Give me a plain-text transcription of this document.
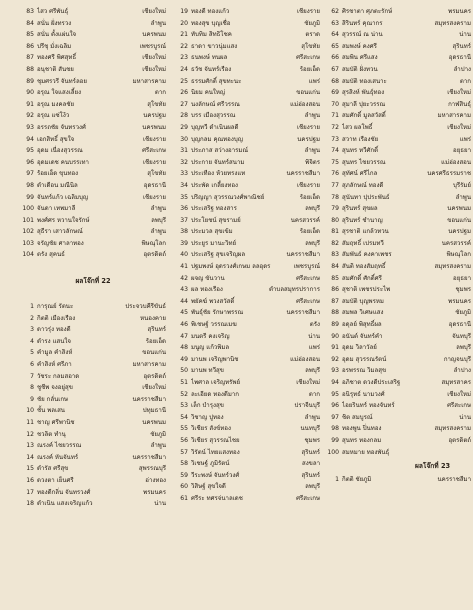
83 ไสว ศรีพันธุ์	เชียงใหม่
84 สนั่น ฝั่งทรวง	ลำพูน
85 สนั่น ตั้งแผ่นใจ	นครพนม
86 ปรีชุ มั่งเฉลิม	เพชรบูรณ์
87 ทองศรี พิศสุทธิ์	เชียงใหม่
88 อนุชาติ สันชย	เชียงใหม่
89 ชุมศรวรี จันทร์ลอย	มหาสารคาม
90 อรุณ ใจแสงเลี้ยง	ตาก
91 อรุณ มงคลชัย	สุโขทัย
92 อรุณ แซ่โง้ว	นครปฐม
93 อรรถชัย จันทรวงศ์	นครพนม
94 เอกสิทธิ์ สุขใจ	เชียงราย
95 อุดม เนื่องสุวรรณ	ศรีสะเกษ
96 อุดมเดช คนบรรเทา	เชียงราย
97 ร้อยเอ็ด ขุนทอง	สุโขทัย
98 ดำเดือน มณีนิล	อุดรธานี
99 จันทร์แก้ว เฉลิมบุญ	เชียงราย
100 จันดา เทพมาลี	ลำพูน
101 พงศ์ศร หวานใจรักษ์	ลพบุรี
102 สุธีรา เสาวลักษณ์	ลำพูน
103 จรัญชัย ศาลาทอง	พิษณุโลก
104 ตรัง สุคนธ์	อุตรดิตถ์
ผลโจ๊กที่ 22
1 การุณย์ รัตนะ	ประจวบคีรีขันธ์
2 กิตติ เมืองเรือง	หนองคาย
3 ดาวรุ่ง ทองดี	สุรินทร์
4 ดำรง แสนใจ	ร้อยเอ็ด
5 คำมูล คำสิงห์	ขอนแก่น
6 คำสิงห์ ศรีภา	มหาสารคาม
7 วัชระ กลมสอาด	อุตรดิตถ์
8 ชูชีพ จงอยู่สุข	เชียงใหม่
9 ชัย กลั่นเกษ	นครราชสีมา
10 ชั้น พลเสน	ปทุมธานี
11 ชาญ ศรีพานิช	นครพนม
12 ชวลิต ทำนุ	ชัยภูมิ
13 ณรงค์ ไชยวรรณ	ลำพูน
14 ณรงค์ หันจันทร์	นครราชสีมา
15 ดำรัส ศรีสุข	สุพรรณบุรี
16 ดวงตา เย็นศรี	อ่างทอง
17 ทองดีกลิ่น จันทรวงศ์	พรมนคร
18 ดำเนิน แสงเจริญแก้ว	น่าน
19 ทองดี ทองแก้ว	เชียงราย
20 ทองสุข บุญเชื่อ	ชัยภูมิ
21 ทับทิม สิทธิโชค	ตราด
22 ธาดา ขาวนุ่มแสง	สุโขทัย
23 ธนพงษ์ ทนผล	ศรีสะเกษ
24 ธวัช จันทร์เรือง	ร้อยเอ็ด
25 ธรรมศักดิ์ สุขทะนะ	แพร่
26 นิยม คนใหญ่	ขอนแก่น
27 นงลักษณ์ ศรีวรรณ	แม่ฮ่องสอน
28 บรร เมืองสุวรรณ	ลำพูน
29 บุญทวี ดำเนินผลดี	เชียงราย
30 บุญกลม คุณทองบุญ	นครปฐม
31 ประภาส สว่างอารมณ์	ลำพูน
32 ประกาย จันทร์สนาม	พิจิตร
33 ประเทือง ห้วยทรงแท	นครราชสีมา
34 ประพัด เกลี้ยงทอง	เชียงราย
35 ปริญญา สุวรรณวงศ์พาณิชย์	ร้อยเอ็ด
36 ประเสริฐ ทองสาร	ลพบุรี
37 ประโยชน์ สุขรามย์	นครสวรรค์
38 ประมวล สุขเข้ม	ร้อยเอ็ด
39 ประยูร มานะวิทย์	ลพบุรี
40 ประเสริฐ สุขเจริญผล	นครราชสีมา
41 ปฐมพงษ์ อุดรวงศ์เกษม ลลอุดร	เพชรบูรณ์
42 ผจญ ขันวาน	ศรีสะเกษ
43 ผล ทองเรือง	ตำบลสมุทรปราการ
44 พยัคฆ์ พวงสวัสดิ์	ศรีสะเกษ
45 พันธุ์ชัย รักษาพรรณ	นครราชสีมา
46 พิเชษฐ์ วรรณเมฆ	ตรัง
47 มนตรี คงเจริญ	น่าน
48 มนูญ แก้วพิมล	แพร่
49 มานพ เจริญพานิช	แม่ฮ่องสอน
50 มานพ ทวีสุข	ลพบุรี
51 ไพศาล เจริญทรัพย์	เชียงใหม่
52 ละเอียด ทองดีมาก	ตาก
53 เล็ก บำรุงสุข	ปราจีนบุรี
54 วิชาญ ปูทอง	ลำพูน
55 วิเชียร สังข์ทอง	นนทบุรี
56 วิเชียร สุวรรณไชย	ชุมพร
57 วิรัตน์ ไทยแสงทอง	สุรินทร์
58 วิเชษฐ์ ภูมิรัตน์	สงขลา
59 วีระพงษ์ จันทร์วงศ์	สุรินทร์
60 วิสิษฐ์ สุขใจดี	ลพบุรี
61 ศรีระ ทศรจ่นาลเดช	ศรีสะเกษ
62 ศิรชาตา ศุภตะรักษ์	พรมนคร
63 สิรินทร์ คุณากร	สมุทรสงคราม
64 สุวรรณ์ ณ น่าน	น่าน
65 สมพงษ์ คงศรี	สุรินทร์
66 สมพิน ศรีแสง	อุดรธานี
67 สมบัติ ฝั่งทวน	ลำปาง
68 สมบัติ ทองเสนาะ	ตาก
69 สุรสิงห์ พันธุ์ทอง	เชียงใหม่
70 สุมาลี ปุยะวรรณ	กาฬสินธุ์
71 สมศักดิ์ มูลสวัสดิ์	มหาสารคาม
72 ไสว ผลโพธิ์	เชียงใหม่
73 สวาท เรืองชัย	แพร่
74 สุนทร ทวีศักดิ์	อยุธยา
75 สุนทร ไชยวรรณ	แม่ฮ่องสอน
76 สุทัศน์ ศรีไกล	นครศรีธรรมราช
77 สุภลักษณ์ ทองดี	บุรีรัมย์
78 สุนันทา ปุประพันธ์	ลำพูน
79 สุรินทร์ สุขผล	นครพนม
80 สุรินทร์ ชำนาญ	ขอนแก่น
81 สุรชาติ แกล้วทวน	นครปฐม
82 สัมฤทธิ์ เปรมทวี	นครสวรรค์
83 สัมพันธ์ คงคาเพชร	พิษณุโลก
84 สันติ ทองสัมฤทธิ์	สมุทรสงคราม
85 สมศักดิ์ ศักดิ์ศรี	อยุธยา
86 สุชาติ เพชรประไพ	ชุมพร
87 สมบัติ บุญพรหม	พรมนคร
88 สมพล วิเศษแสง	ชัยภูมิ
89 อดุลย์ พิสุทธิ์ผล	อุดรธานี
90 อนันต์ จันทร์คำ	จันทบุรี
91 อุดม วิลาวัลย์	ลพบุรี
92 อุดม สุวรรณรัตน์	กาญจนบุรี
93 อรพรรณ วิมลสุข	ลำปาง
94 อภิชาต ดวงดีประเสริฐ	สมุทรสาคร
95 อนิรุทธ์ นามวงศ์	เชียงใหม่
96 ไอยรินทร์ ทองจันทร์	ศรีสะเกษ
97 ชิต สมบูรณ์	น่าน
98 ทองพูน ปิ่นทอง	สมุทรสงคราม
99 สุนทร ทองกลม	อุตรดิตถ์
100 สมหมาย ทองพันธุ์
ผลโจ๊กที่ 23
1 กิตติ ชัยภูมิ	นครราชสีมา
